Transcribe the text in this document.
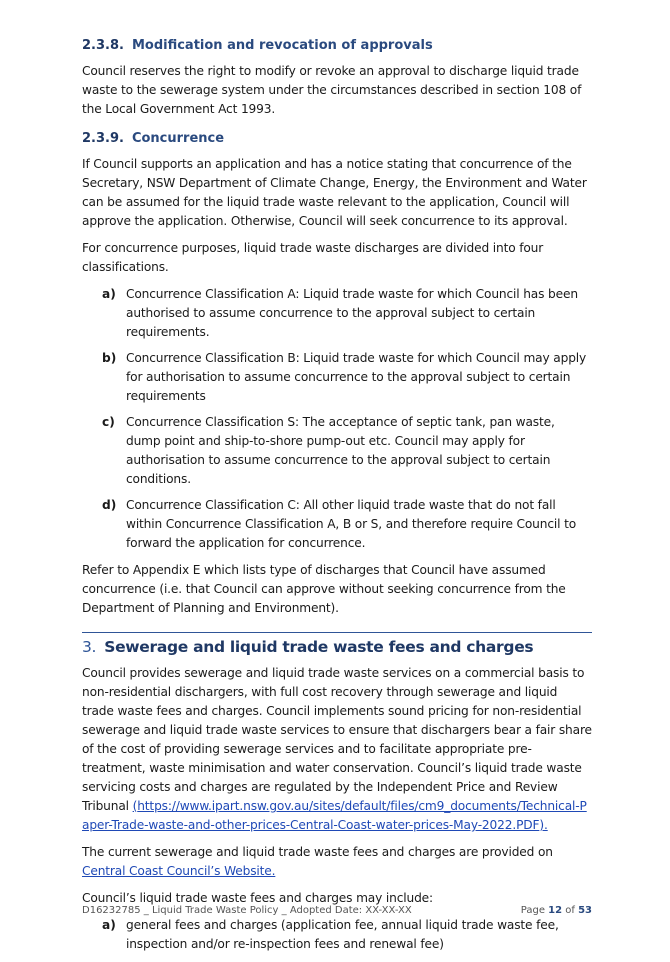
2.3.8. Modification and revocation of approvals

Council reserves the right to modify or revoke an approval to discharge liquid trade waste to the sewerage system under the circumstances described in section 108 of the Local Government Act 1993.

2.3.9. Concurrence

If Council supports an application and has a notice stating that concurrence of the Secretary, NSW Department of Climate Change, Energy, the Environment and Water can be assumed for the liquid trade waste relevant to the application, Council will approve the application. Otherwise, Council will seek concurrence to its approval.

For concurrence purposes, liquid trade waste discharges are divided into four classifications.

a) Concurrence Classification A: Liquid trade waste for which Council has been authorised to assume concurrence to the approval subject to certain requirements.

b) Concurrence Classification B: Liquid trade waste for which Council may apply for authorisation to assume concurrence to the approval subject to certain requirements

c) Concurrence Classification S: The acceptance of septic tank, pan waste, dump point and ship-to-shore pump-out etc. Council may apply for authorisation to assume concurrence to the approval subject to certain conditions.

d) Concurrence Classification C: All other liquid trade waste that do not fall within Concurrence Classification A, B or S, and therefore require Council to forward the application for concurrence.

Refer to Appendix E which lists type of discharges that Council have assumed concurrence (i.e. that Council can approve without seeking concurrence from the Department of Planning and Environment).

3. Sewerage and liquid trade waste fees and charges

Council provides sewerage and liquid trade waste services on a commercial basis to non-residential dischargers, with full cost recovery through sewerage and liquid trade waste fees and charges. Council implements sound pricing for non-residential sewerage and liquid trade waste services to ensure that dischargers bear a fair share of the cost of providing sewerage services and to facilitate appropriate pre-treatment, waste minimisation and water conservation. Council’s liquid trade waste servicing costs and charges are regulated by the Independent Price and Review Tribunal (https://www.ipart.nsw.gov.au/sites/default/files/cm9_documents/Technical-Paper-Trade-waste-and-other-prices-Central-Coast-water-prices-May-2022.PDF).

The current sewerage and liquid trade waste fees and charges are provided on Central Coast Council’s Website.

Council’s liquid trade waste fees and charges may include:

a) general fees and charges (application fee, annual liquid trade waste fee, inspection and/or re-inspection fees and renewal fee)

D16232785 _ Liquid Trade Waste Policy _ Adopted Date: XX-XX-XX	Page 12 of 53
